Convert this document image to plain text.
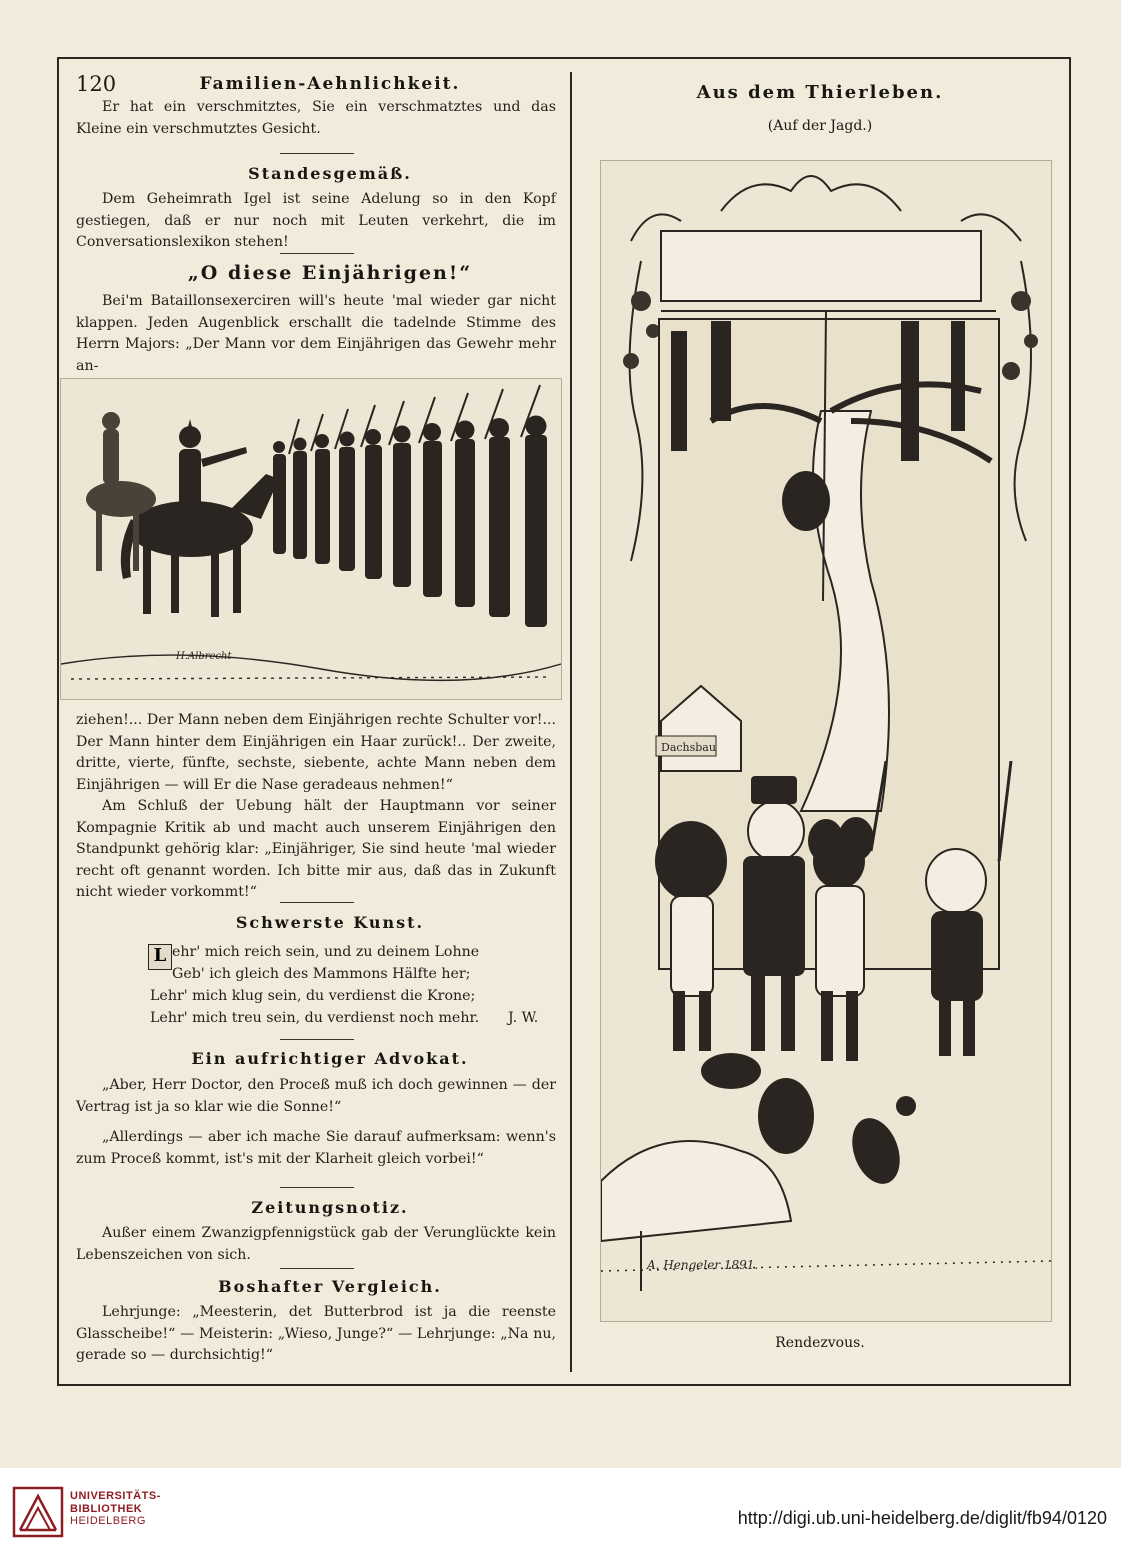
120	Familien-Aehnlichkeit.

Er hat ein verschmitztes, Sie ein verschmatztes und das Kleine ein verschmutztes Gesicht.

Standesgemäß.

Dem Geheimrath Igel ist seine Adelung so in den Kopf gestiegen, daß er nur noch mit Leuten verkehrt, die im Conversationslexikon stehen!

„O diese Einjährigen!“

Bei'm Bataillonsexerciren will's heute 'mal wieder gar nicht klappen. Jeden Augenblick erschallt die tadelnde Stimme des Herrn Majors: „Der Mann vor dem Einjährigen das Gewehr mehr an-

H.Albrecht

ziehen!... Der Mann neben dem Einjährigen rechte Schulter vor!... Der Mann hinter dem Einjährigen ein Haar zurück!.. Der zweite, dritte, vierte, fünfte, sechste, siebente, achte Mann neben dem Einjährigen — will Er die Nase geradeaus nehmen!“

Am Schluß der Uebung hält der Hauptmann vor seiner Kompagnie Kritik ab und macht auch unserem Einjährigen den Standpunkt gehörig klar: „Einjähriger, Sie sind heute 'mal wieder recht oft genannt worden. Ich bitte mir aus, daß das in Zukunft nicht wieder vorkommt!“

Schwerste Kunst.
L ehr' mich reich sein, und zu deinem Lohne
Geb' ich gleich des Mammons Hälfte her;
Lehr' mich klug sein, du verdienst die Krone;
Lehr' mich treu sein, du verdienst noch mehr. J. W.
Ein aufrichtiger Advokat.

„Aber, Herr Doctor, den Proceß muß ich doch gewinnen — der Vertrag ist ja so klar wie die Sonne!“

„Allerdings — aber ich mache Sie darauf aufmerksam: wenn's zum Proceß kommt, ist's mit der Klarheit gleich vorbei!“

Zeitungsnotiz.

Außer einem Zwanzigpfennigstück gab der Verunglückte kein Lebenszeichen von sich.

Boshafter Vergleich.

Lehrjunge: „Meesterin, det Butterbrod ist ja die reenste Glasscheibe!“ — Meisterin: „Wieso, Junge?“ — Lehrjunge: „Na nu, gerade so — durchsichtig!“

Aus dem Thierleben.
(Auf der Jagd.)
Dachsbau
A. Hengeler 1891.
Rendezvous.
UNIVERSITÄTS-
BIBLIOTHEK
HEIDELBERG	http://digi.ub.uni-heidelberg.de/diglit/fb94/0120
